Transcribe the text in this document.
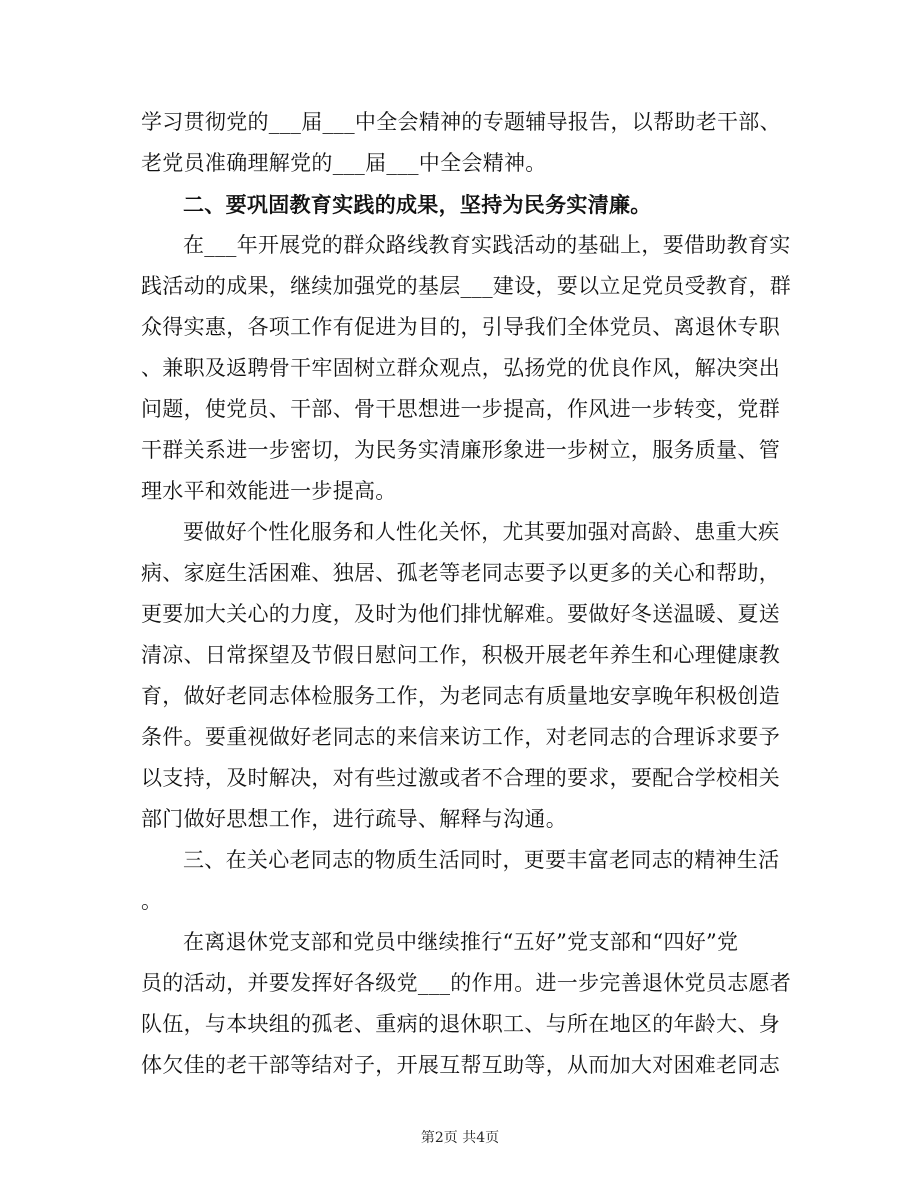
学习贯彻党的___届___中全会精神的专题辅导报告，以帮助老干部、
老党员准确理解党的___届___中全会精神。
二、要巩固教育实践的成果，坚持为民务实清廉。
在___年开展党的群众路线教育实践活动的基础上，要借助教育实
践活动的成果，继续加强党的基层___建设，要以立足党员受教育，群
众得实惠，各项工作有促进为目的，引导我们全体党员、离退休专职
、兼职及返聘骨干牢固树立群众观点，弘扬党的优良作风，解决突出
问题，使党员、干部、骨干思想进一步提高，作风进一步转变，党群
干群关系进一步密切，为民务实清廉形象进一步树立，服务质量、管
理水平和效能进一步提高。
要做好个性化服务和人性化关怀，尤其要加强对高龄、患重大疾
病、家庭生活困难、独居、孤老等老同志要予以更多的关心和帮助，
更要加大关心的力度，及时为他们排忧解难。要做好冬送温暖、夏送
清凉、日常探望及节假日慰问工作，积极开展老年养生和心理健康教
育，做好老同志体检服务工作，为老同志有质量地安享晚年积极创造
条件。要重视做好老同志的来信来访工作，对老同志的合理诉求要予
以支持，及时解决，对有些过激或者不合理的要求，要配合学校相关
部门做好思想工作，进行疏导、解释与沟通。
三、在关心老同志的物质生活同时，更要丰富老同志的精神生活
。
在离退休党支部和党员中继续推行“五好”党支部和“四好”党
员的活动，并要发挥好各级党___的作用。进一步完善退休党员志愿者
队伍，与本块组的孤老、重病的退休职工、与所在地区的年龄大、身
体欠佳的老干部等结对子，开展互帮互助等，从而加大对困难老同志
第2页 共4页
